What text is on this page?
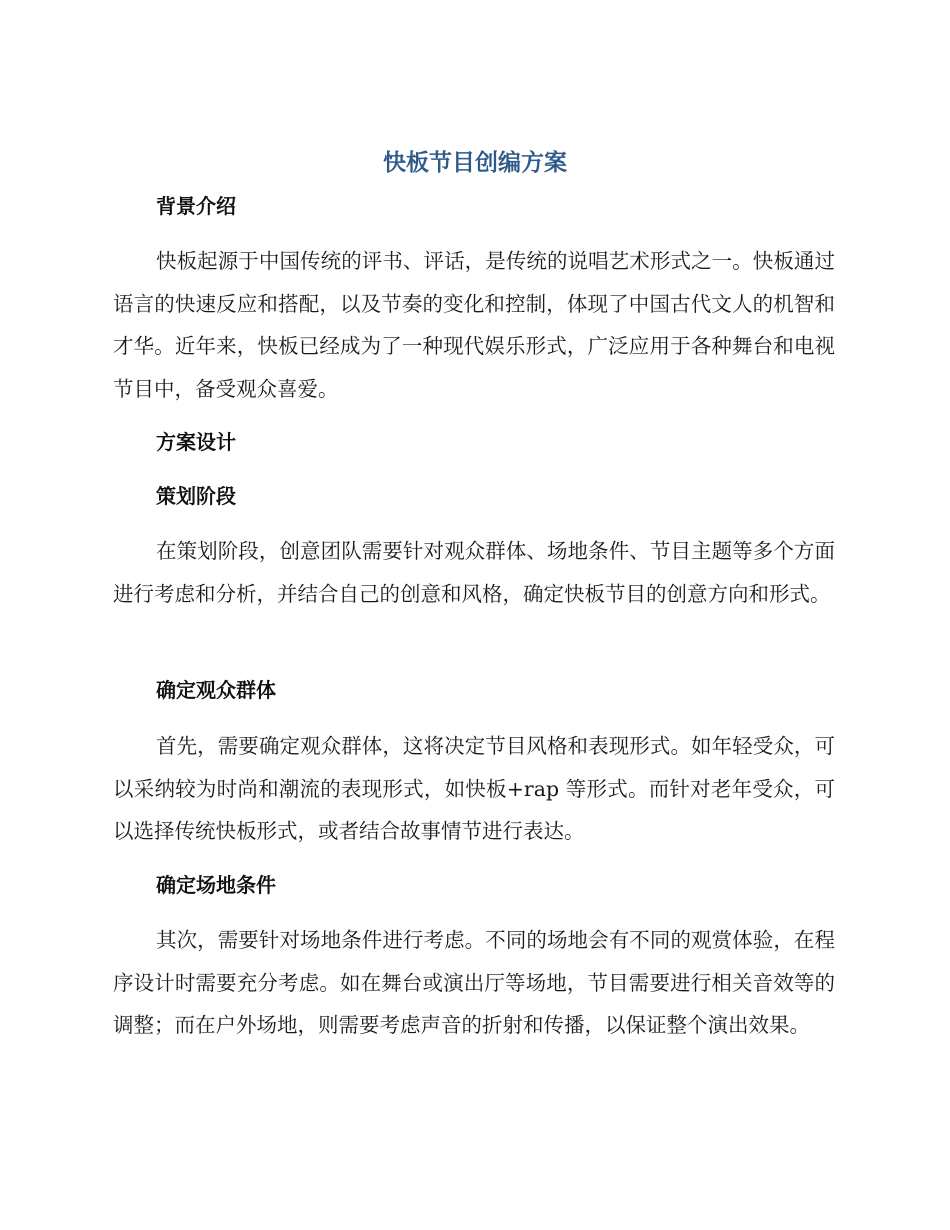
快板节目创编方案
背景介绍

快板起源于中国传统的评书、评话，是传统的说唱艺术形式之一。快板通过语言的快速反应和搭配，以及节奏的变化和控制，体现了中国古代文人的机智和才华。近年来，快板已经成为了一种现代娱乐形式，广泛应用于各种舞台和电视节目中，备受观众喜爱。

方案设计
策划阶段

在策划阶段，创意团队需要针对观众群体、场地条件、节目主题等多个方面进行考虑和分析，并结合自己的创意和风格，确定快板节目的创意方向和形式。

确定观众群体

首先，需要确定观众群体，这将决定节目风格和表现形式。如年轻受众，可以采纳较为时尚和潮流的表现形式，如快板+rap 等形式。而针对老年受众，可以选择传统快板形式，或者结合故事情节进行表达。

确定场地条件

其次，需要针对场地条件进行考虑。不同的场地会有不同的观赏体验，在程序设计时需要充分考虑。如在舞台或演出厅等场地，节目需要进行相关音效等的调整；而在户外场地，则需要考虑声音的折射和传播，以保证整个演出效果。
